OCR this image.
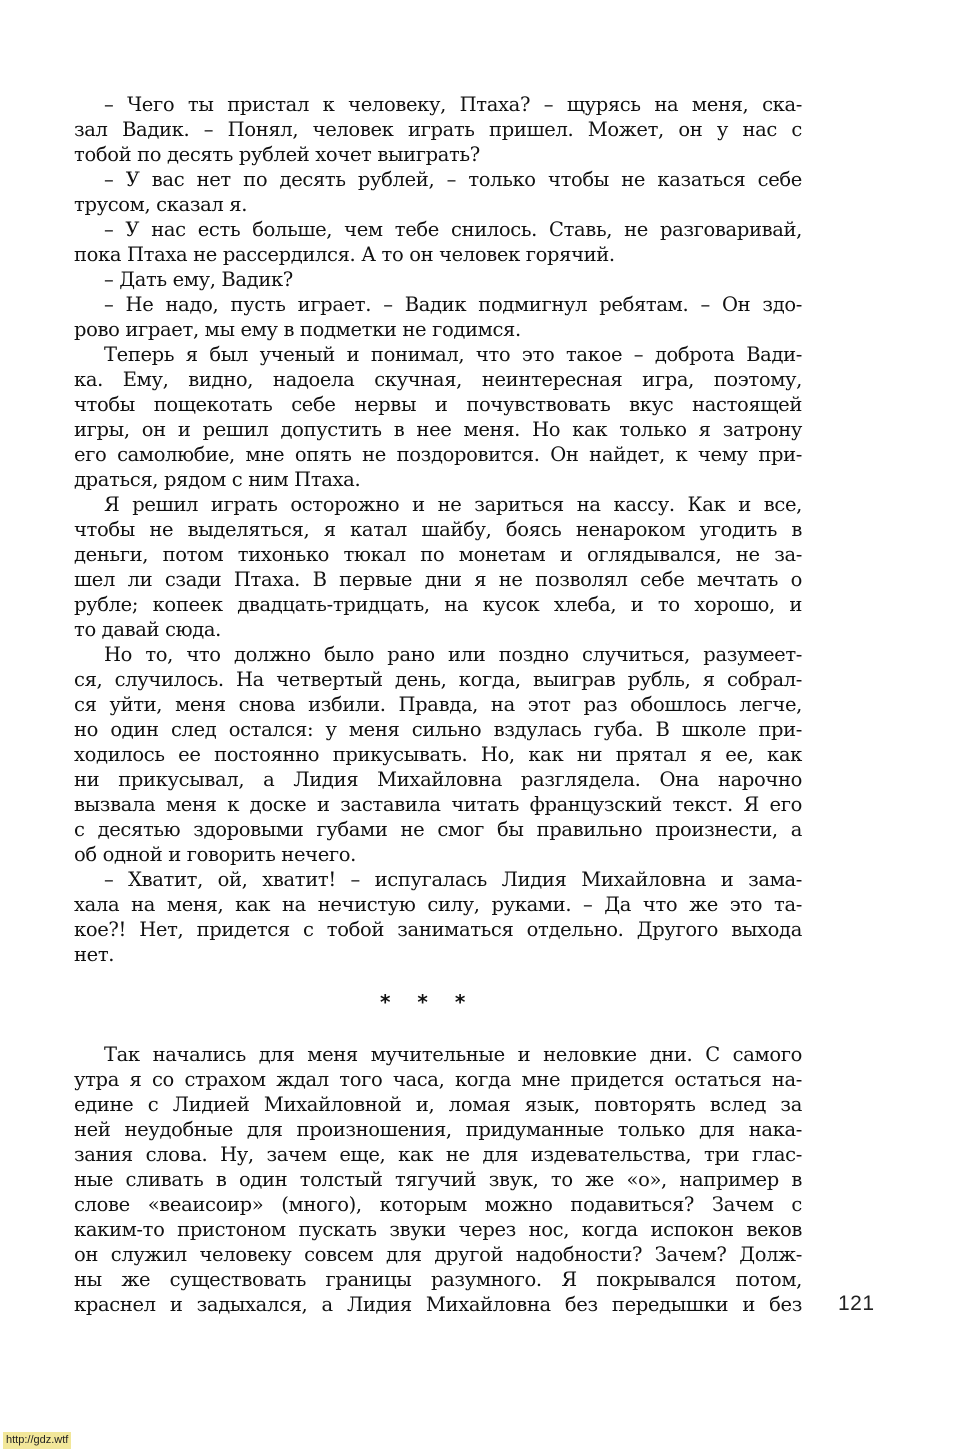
– Чего ты пристал к человеку, Птаха? – щурясь на меня, ска-
зал Вадик. – Понял, человек играть пришел. Может, он у нас с
тобой по десять рублей хочет выиграть?
– У вас нет по десять рублей, – только чтобы не казаться себе
трусом, сказал я.
– У нас есть больше, чем тебе снилось. Ставь, не разговаривай,
пока Птаха не рассердился. А то он человек горячий.
– Дать ему, Вадик?
– Не надо, пусть играет. – Вадик подмигнул ребятам. – Он здо-
рово играет, мы ему в подметки не годимся.
Теперь я был ученый и понимал, что это такое – доброта Вади-
ка. Ему, видно, надоела скучная, неинтересная игра, поэтому,
чтобы пощекотать себе нервы и почувствовать вкус настоящей
игры, он и решил допустить в нее меня. Но как только я затрону
его самолюбие, мне опять не поздоровится. Он найдет, к чему при-
драться, рядом с ним Птаха.
Я решил играть осторожно и не зариться на кассу. Как и все,
чтобы не выделяться, я катал шайбу, боясь ненароком угодить в
деньги, потом тихонько тюкал по монетам и оглядывался, не за-
шел ли сзади Птаха. В первые дни я не позволял себе мечтать о
рубле; копеек двадцать-тридцать, на кусок хлеба, и то хорошо, и
то давай сюда.
Но то, что должно было рано или поздно случиться, разумеет-
ся, случилось. На четвертый день, когда, выиграв рубль, я собрал-
ся уйти, меня снова избили. Правда, на этот раз обошлось легче,
но один след остался: у меня сильно вздулась губа. В школе при-
ходилось ее постоянно прикусывать. Но, как ни прятал я ее, как
ни прикусывал, а Лидия Михайловна разглядела. Она нарочно
вызвала меня к доске и заставила читать французский текст. Я его
с десятью здоровыми губами не смог бы правильно произнести, а
об одной и говорить нечего.
– Хватит, ой, хватит! – испугалась Лидия Михайловна и зама-
хала на меня, как на нечистую силу, руками. – Да что же это та-
кое?! Нет, придется с тобой заниматься отдельно. Другого выхода
нет.
* * *
Так начались для меня мучительные и неловкие дни. С самого
утра я со страхом ждал того часа, когда мне придется остаться на-
едине с Лидией Михайловной и, ломая язык, повторять вслед за
ней неудобные для произношения, придуманные только для нака-
зания слова. Ну, зачем еще, как не для издевательства, три глас-
ные сливать в один толстый тягучий звук, то же «о», например в
слове «веаисоир» (много), которым можно подавиться? Зачем с
каким-то пристоном пускать звуки через нос, когда испокон веков
он служил человеку совсем для другой надобности? Зачем? Долж-
ны же существовать границы разумного. Я покрывался потом,
краснел и задыхался, а Лидия Михайловна без передышки и без 121
http://gdz.wtf
